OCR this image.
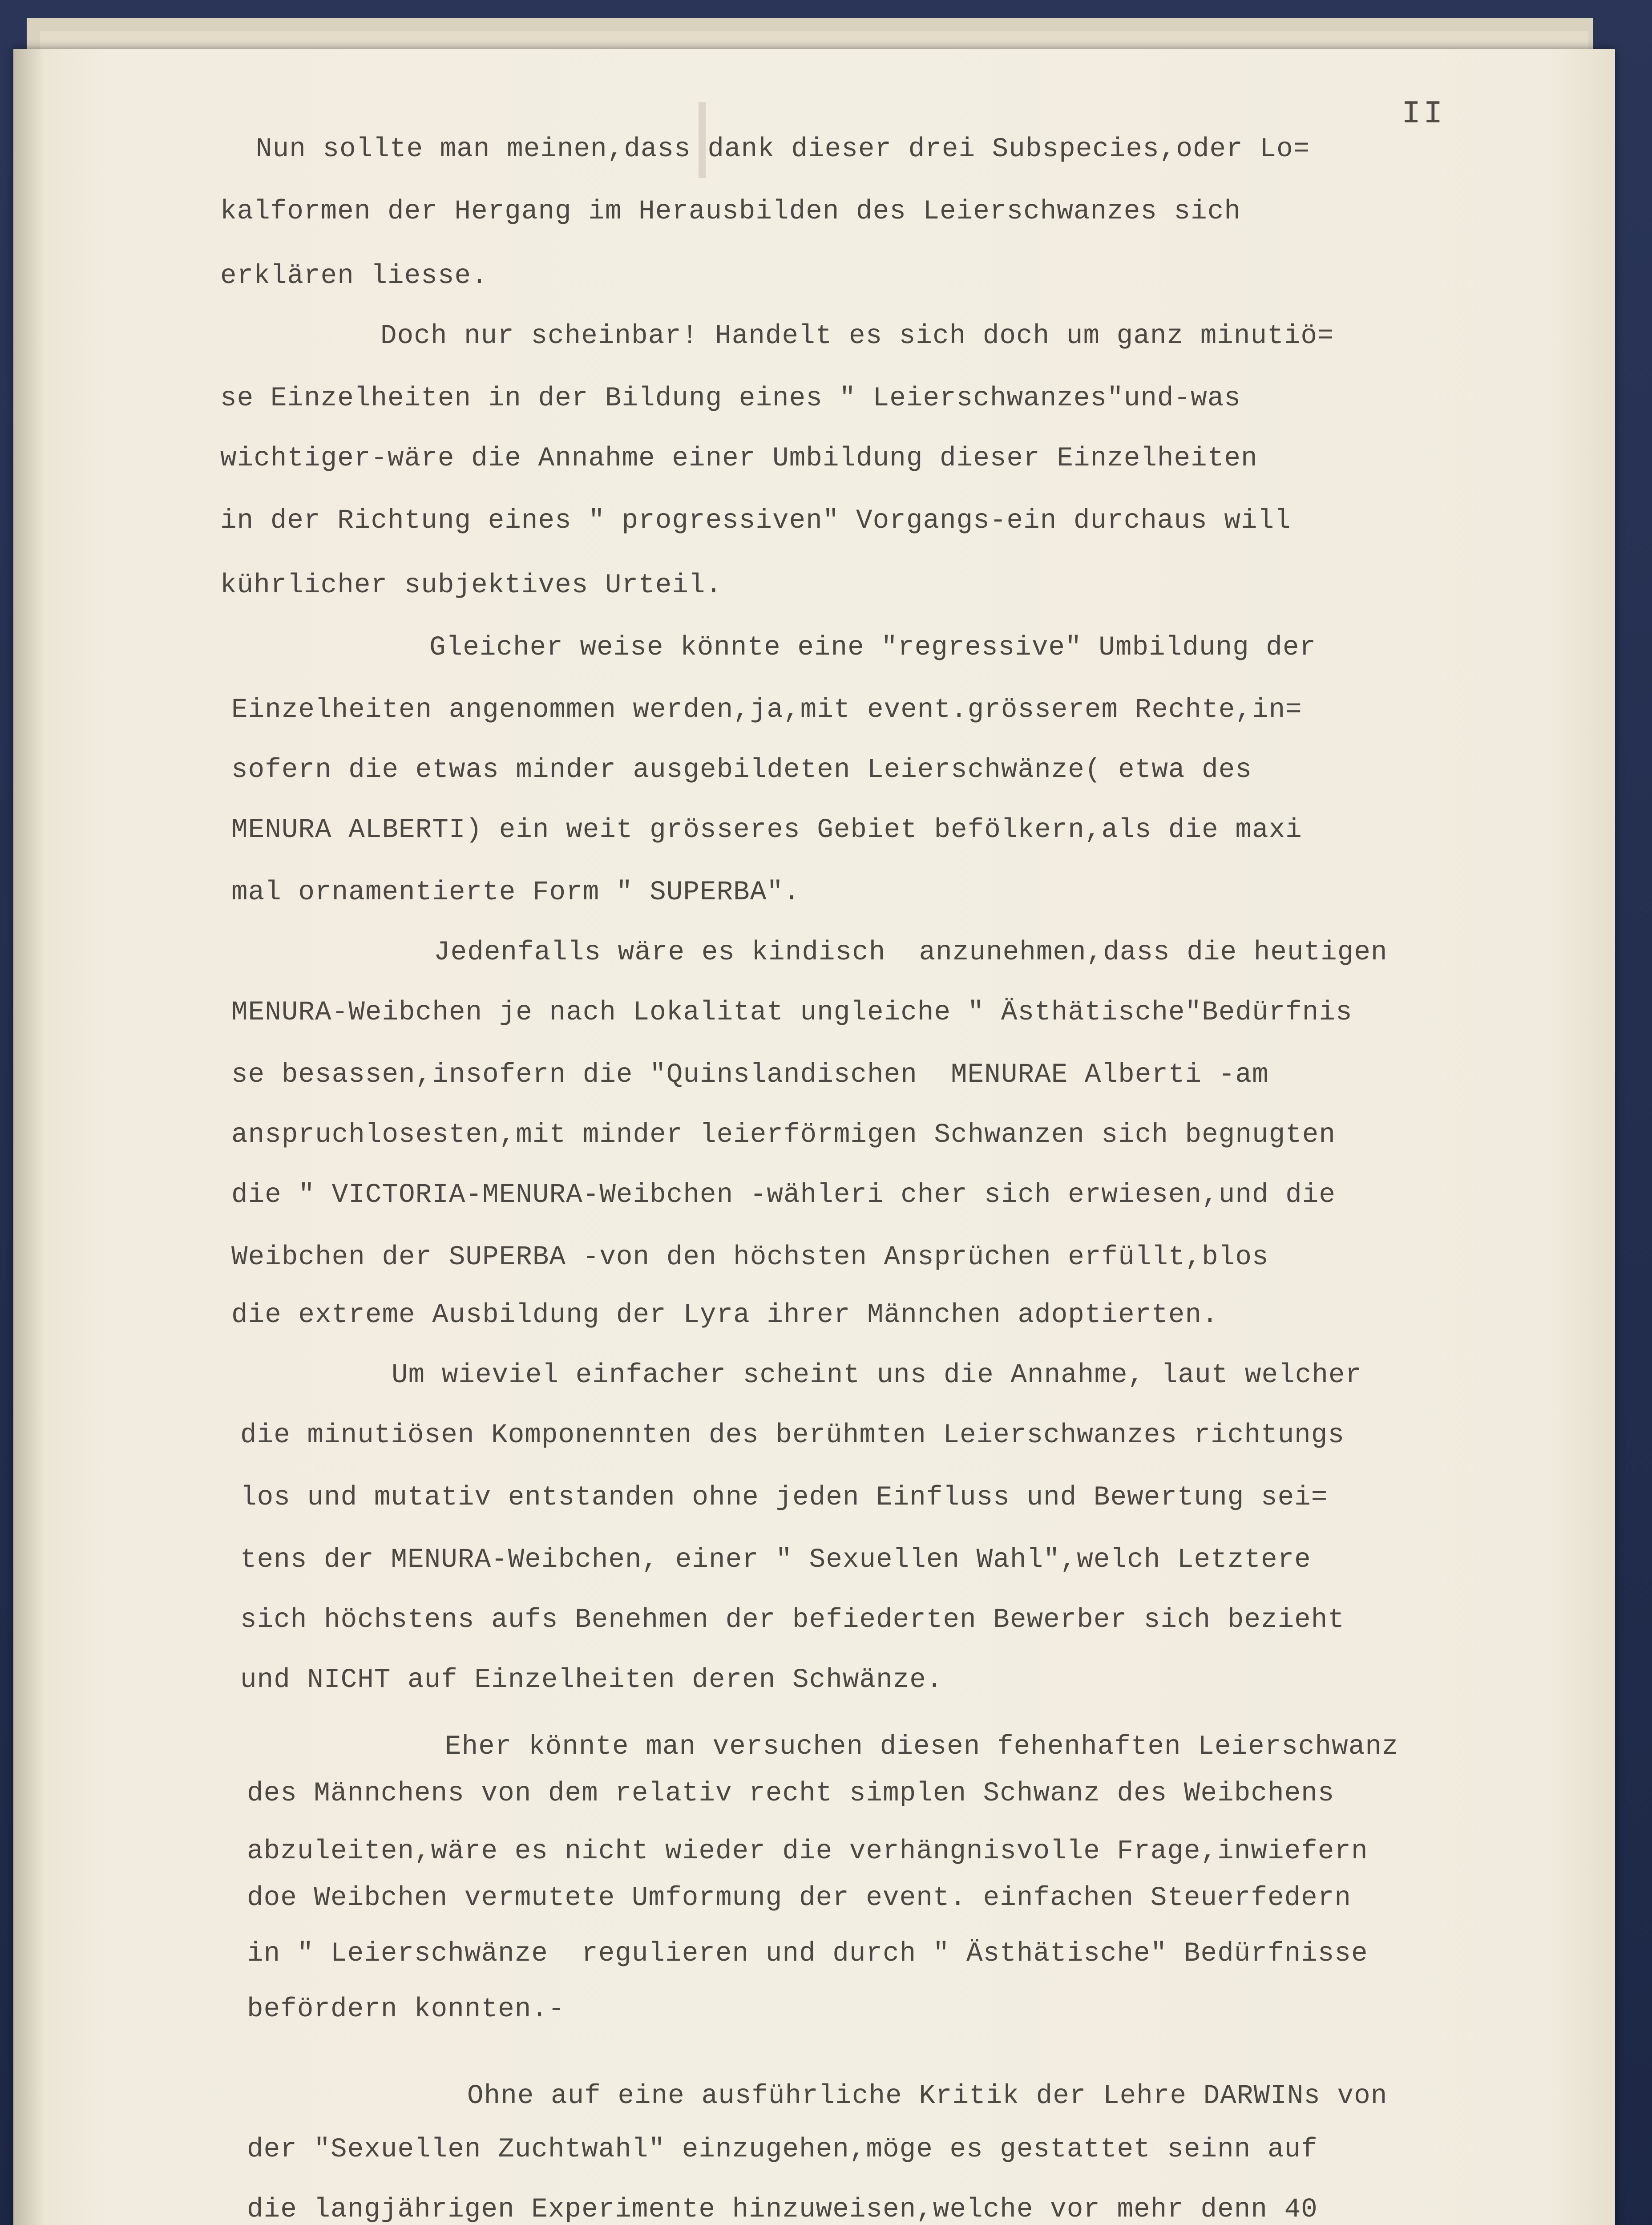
II
Nun sollte man meinen,dass dank dieser drei Subspecies,oder Lo=
kalformen der Hergang im Herausbilden des Leierschwanzes sich
erklären liesse.
Doch nur scheinbar! Handelt es sich doch um ganz minutiö=
se Einzelheiten in der Bildung eines " Leierschwanzes"und-was
wichtiger-wäre die Annahme einer Umbildung dieser Einzelheiten
in der Richtung eines " progressiven" Vorgangs-ein durchaus will
kührlicher subjektives Urteil.
Gleicher weise könnte eine "regressive" Umbildung der
Einzelheiten angenommen werden,ja,mit event.grösserem Rechte,in=
sofern die etwas minder ausgebildeten Leierschwänze( etwa des
MENURA ALBERTI) ein weit grösseres Gebiet befölkern,als die maxi
mal ornamentierte Form " SUPERBA".
Jedenfalls wäre es kindisch  anzunehmen,dass die heutigen
MENURA-Weibchen je nach Lokalitat ungleiche " Ästhätische"Bedürfnis
se besassen,insofern die "Quinslandischen  MENURAE Alberti -am
anspruchlosesten,mit minder leierförmigen Schwanzen sich begnugten
die " VICTORIA-MENURA-Weibchen -wähleri cher sich erwiesen,und die
Weibchen der SUPERBA -von den höchsten Ansprüchen erfüllt,blos
die extreme Ausbildung der Lyra ihrer Männchen adoptierten.
Um wieviel einfacher scheint uns die Annahme, laut welcher
die minutiösen Komponennten des berühmten Leierschwanzes richtungs
los und mutativ entstanden ohne jeden Einfluss und Bewertung sei=
tens der MENURA-Weibchen, einer " Sexuellen Wahl",welch Letztere
sich höchstens aufs Benehmen der befiederten Bewerber sich bezieht
und NICHT auf Einzelheiten deren Schwänze.
Eher könnte man versuchen diesen fehenhaften Leierschwanz
des Männchens von dem relativ recht simplen Schwanz des Weibchens
abzuleiten,wäre es nicht wieder die verhängnisvolle Frage,inwiefern
doe Weibchen vermutete Umformung der event. einfachen Steuerfedern
in " Leierschwänze  regulieren und durch " Ästhätische" Bedürfnisse
befördern konnten.-
Ohne auf eine ausführliche Kritik der Lehre DARWINs von
der "Sexuellen Zuchtwahl" einzugehen,möge es gestattet seinn auf
die langjährigen Experimente hinzuweisen,welche vor mehr denn 40
